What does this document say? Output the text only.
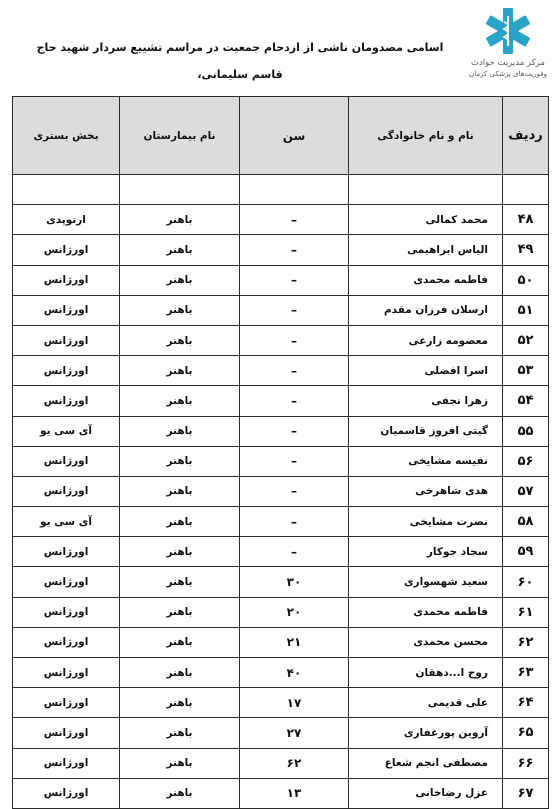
مرکز مدیریت حوادث
وفوریت‌های پزشکی کرمان
اسامی مصدومان ناشی از ازدحام جمعیت در مراسم تشییع سردار شهید حاج قاسم سلیمانی،
ردیف	نام و نام خانوادگی	سن	نام بیمارستان	بخش بستری

۴۸	محمد کمالی	–	باهنر	ارتوپدی
۴۹	الیاس ابراهیمی	–	باهنر	اورژانس
۵۰	فاطمه محمدی	–	باهنر	اورژانس
۵۱	ارسلان فرزان مقدم	–	باهنر	اورژانس
۵۲	معصومه زارعی	–	باهنر	اورژانس
۵۳	اسرا افضلی	–	باهنر	اورژانس
۵۴	زهرا نجفی	–	باهنر	اورژانس
۵۵	گیتی افروز قاسمیان	–	باهنر	آی سی یو
۵۶	نفیسه مشایخی	–	باهنر	اورژانس
۵۷	هدی شاهرخی	–	باهنر	اورژانس
۵۸	نصرت مشایخی	–	باهنر	آی سی یو
۵۹	سجاد جوکار	–	باهنر	اورژانس
۶۰	سعید شهسواری	۳۰	باهنر	اورژانس
۶۱	فاطمه محمدی	۲۰	باهنر	اورژانس
۶۲	محسن محمدی	۲۱	باهنر	اورژانس
۶۳	روح ا...دهقان	۴۰	باهنر	اورژانس
۶۴	علی قدیمی	۱۷	باهنر	اورژانس
۶۵	آروین پورغفاری	۲۷	باهنر	اورژانس
۶۶	مصطفی انجم شعاع	۶۲	باهنر	اورژانس
۶۷	عزل رضاخانی	۱۳	باهنر	اورژانس
